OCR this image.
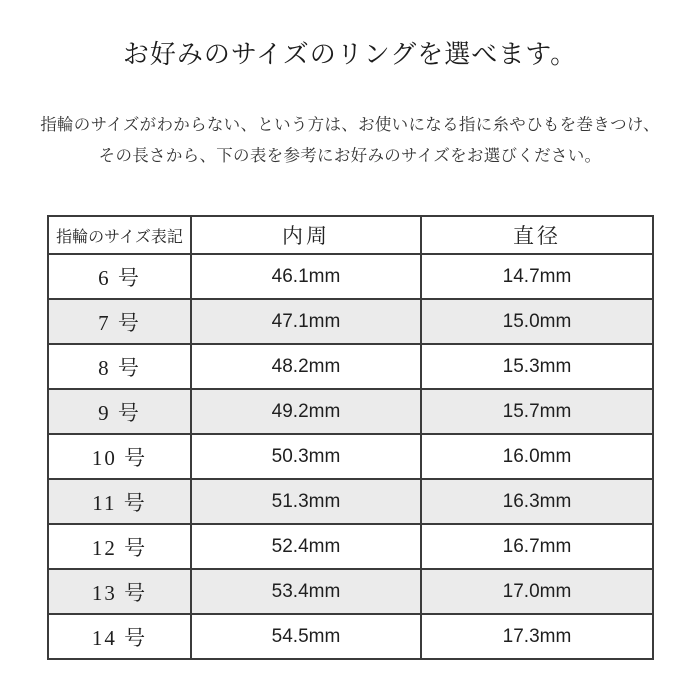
お好みのサイズのリングを選べます。

指輪のサイズがわからない、という方は、お使いになる指に糸やひもを巻きつけ、
その長さから、下の表を参考にお好みのサイズをお選びください。

指輪のサイズ表記	内周	直径
6 号	46.1mm	14.7mm
7 号	47.1mm	15.0mm
8 号	48.2mm	15.3mm
9 号	49.2mm	15.7mm
10 号	50.3mm	16.0mm
11 号	51.3mm	16.3mm
12 号	52.4mm	16.7mm
13 号	53.4mm	17.0mm
14 号	54.5mm	17.3mm
